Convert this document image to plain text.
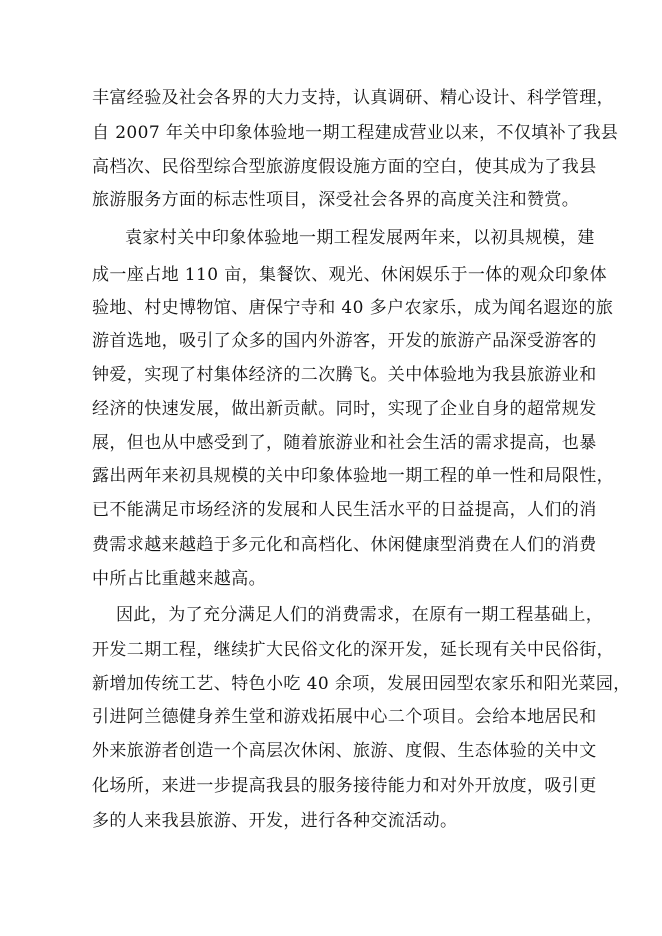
丰富经验及社会各界的大力支持，认真调研、精心设计、科学管理，
自 2007 年关中印象体验地一期工程建成营业以来，不仅填补了我县
高档次、民俗型综合型旅游度假设施方面的空白，使其成为了我县
旅游服务方面的标志性项目，深受社会各界的高度关注和赞赏。
袁家村关中印象体验地一期工程发展两年来，以初具规模，建
成一座占地 110 亩，集餐饮、观光、休闲娱乐于一体的观众印象体
验地、村史博物馆、唐保宁寺和 40 多户农家乐，成为闻名遐迩的旅
游首选地，吸引了众多的国内外游客，开发的旅游产品深受游客的
钟爱，实现了村集体经济的二次腾飞。关中体验地为我县旅游业和
经济的快速发展，做出新贡献。同时，实现了企业自身的超常规发
展，但也从中感受到了，随着旅游业和社会生活的需求提高，也暴
露出两年来初具规模的关中印象体验地一期工程的单一性和局限性，
已不能满足市场经济的发展和人民生活水平的日益提高，人们的消
费需求越来越趋于多元化和高档化、休闲健康型消费在人们的消费
中所占比重越来越高。
因此，为了充分满足人们的消费需求，在原有一期工程基础上，
开发二期工程，继续扩大民俗文化的深开发，延长现有关中民俗街，
新增加传统工艺、特色小吃 40 余项，发展田园型农家乐和阳光菜园，
引进阿兰德健身养生堂和游戏拓展中心二个项目。会给本地居民和
外来旅游者创造一个高层次休闲、旅游、度假、生态体验的关中文
化场所，来进一步提高我县的服务接待能力和对外开放度，吸引更
多的人来我县旅游、开发，进行各种交流活动。
